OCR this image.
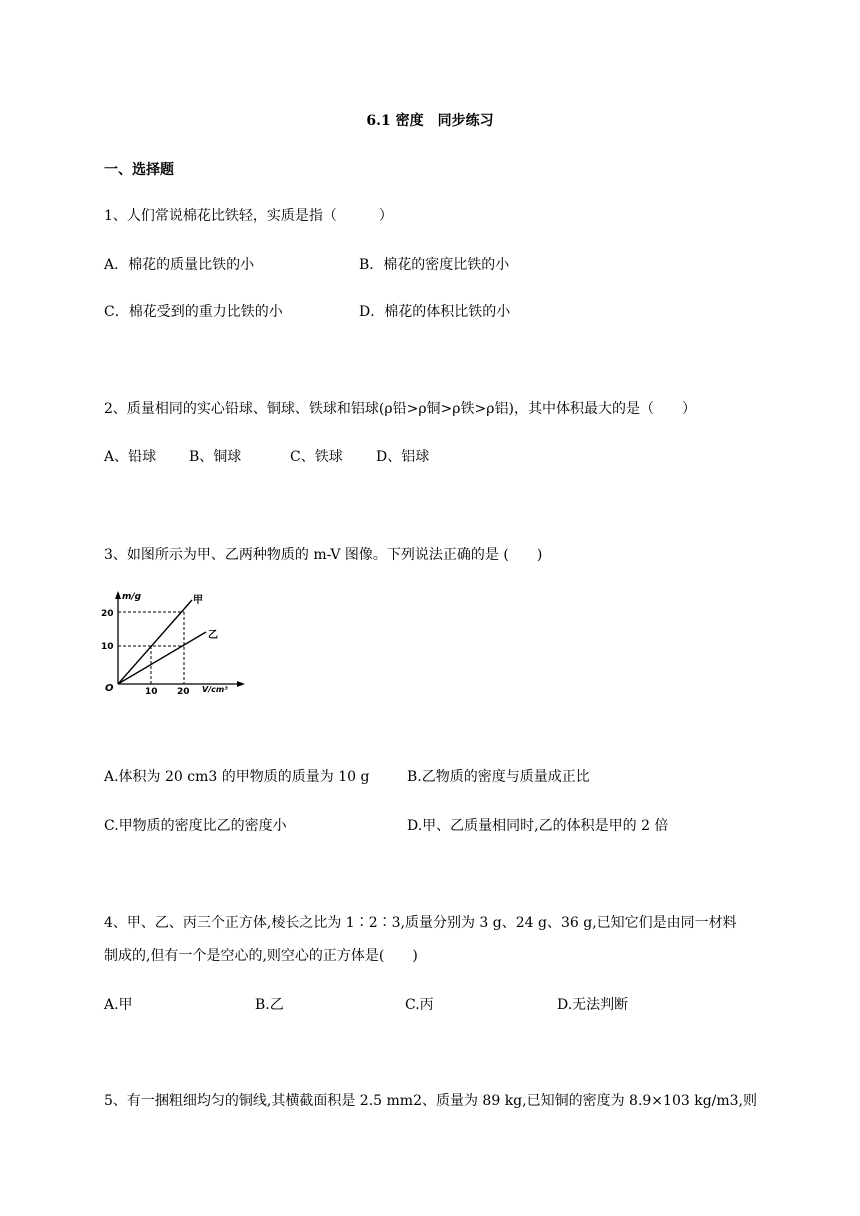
6.1 密度　同步练习
一、选择题
1、人们常说棉花比铁轻，实质是指（　　　）
A．棉花的质量比铁的小	B．棉花的密度比铁的小
C．棉花受到的重力比铁的小	D．棉花的体积比铁的小
2、质量相同的实心铅球、铜球、铁球和铝球(ρ铅>ρ铜>ρ铁>ρ铝)，其中体积最大的是（　　）
A、铅球 B、铜球	C、铁球 D、铝球
3、如图所示为甲、乙两种物质的 m-V 图像。下列说法正确的是 (　　)
m/g
V/cm³
O
20
10
10 20
甲
乙
A.体积为 20 cm3 的甲物质的质量为 10 g	B.乙物质的密度与质量成正比
C.甲物质的密度比乙的密度小	D.甲、乙质量相同时,乙的体积是甲的 2 倍
4、甲、乙、丙三个正方体,棱长之比为 1∶2∶3,质量分别为 3 g、24 g、36 g,已知它们是由同一材料
制成的,但有一个是空心的,则空心的正方体是(　　)
A.甲	B.乙	C.丙	D.无法判断
5、有一捆粗细均匀的铜线,其横截面积是 2.5 mm2、质量为 89 kg,已知铜的密度为 8.9×103 kg/m3,则
